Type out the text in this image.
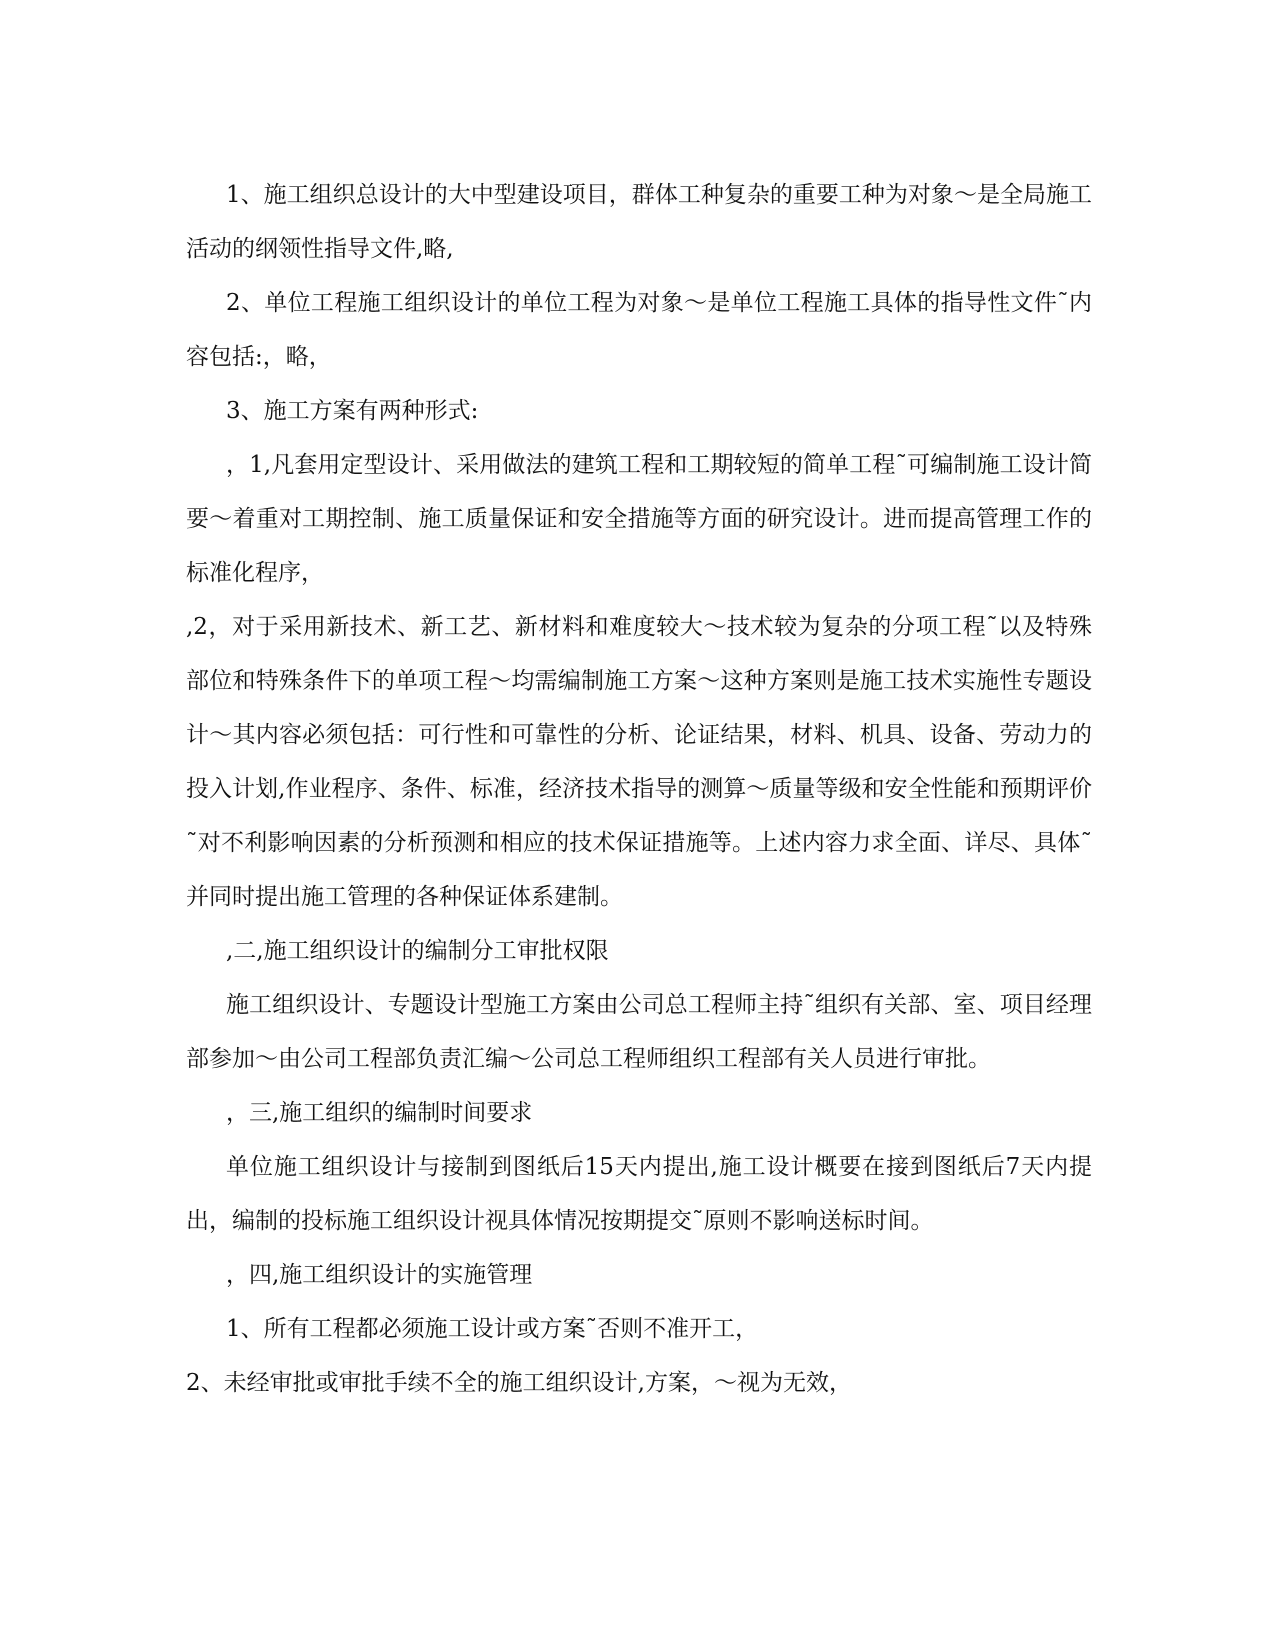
1、施工组织总设计的大中型建设项目，群体工种复杂的重要工种为对象～是全局施工活动的纲领性指导文件,略,

2、单位工程施工组织设计的单位工程为对象～是单位工程施工具体的指导性文件˜内容包括:，略，

3、施工方案有两种形式:

，1,凡套用定型设计、采用做法的建筑工程和工期较短的简单工程˜可编制施工设计简要～着重对工期控制、施工质量保证和安全措施等方面的研究设计。进而提高管理工作的标准化程序，

,2，对于采用新技术、新工艺、新材料和难度较大～技术较为复杂的分项工程˜以及特殊部位和特殊条件下的单项工程～均需编制施工方案～这种方案则是施工技术实施性专题设计～其内容必须包括：可行性和可靠性的分析、论证结果，材料、机具、设备、劳动力的投入计划,作业程序、条件、标准，经济技术指导的测算～质量等级和安全性能和预期评价˜对不利影响因素的分析预测和相应的技术保证措施等。上述内容力求全面、详尽、具体˜并同时提出施工管理的各种保证体系建制。

,二,施工组织设计的编制分工审批权限

施工组织设计、专题设计型施工方案由公司总工程师主持˜组织有关部、室、项目经理部参加～由公司工程部负责汇编～公司总工程师组织工程部有关人员进行审批。

，三,施工组织的编制时间要求

单位施工组织设计与接制到图纸后15天内提出,施工设计概要在接到图纸后7天内提出，编制的投标施工组织设计视具体情况按期提交˜原则不影响送标时间。

，四,施工组织设计的实施管理

1、所有工程都必须施工设计或方案˜否则不准开工，

2、未经审批或审批手续不全的施工组织设计,方案，～视为无效，
